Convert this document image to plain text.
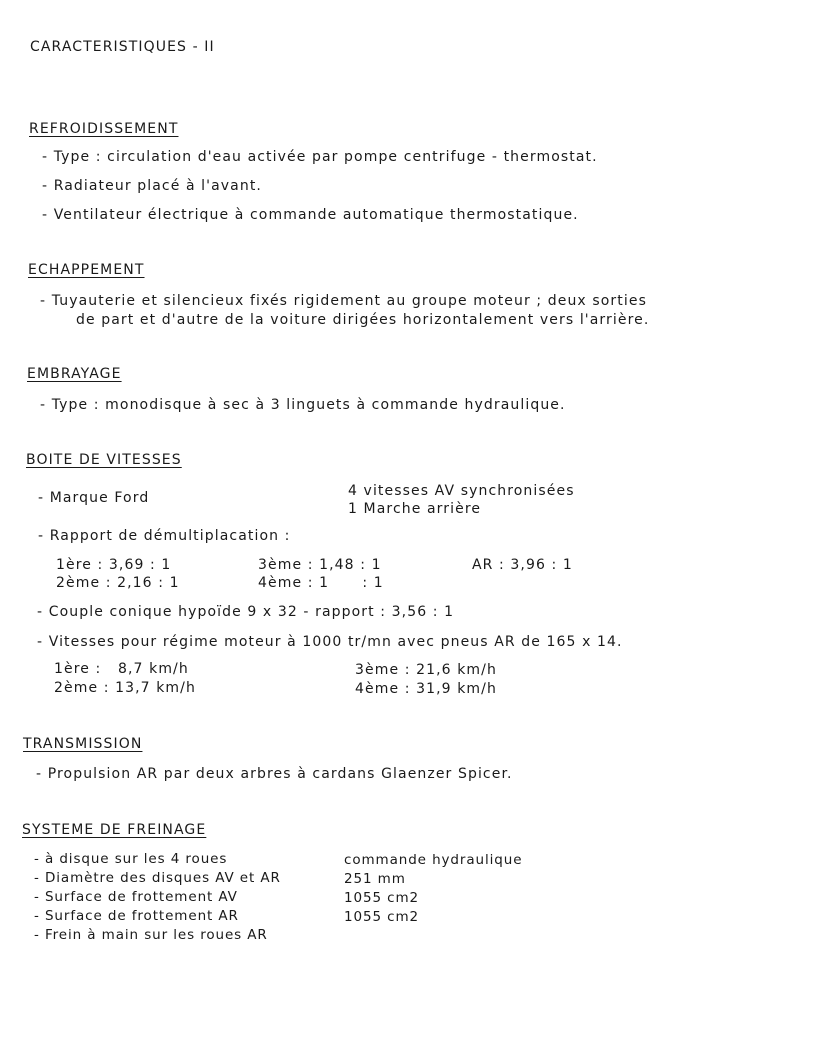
CARACTERISTIQUES - II
REFROIDISSEMENT
- Type : circulation d'eau activée par pompe centrifuge - thermostat.
- Radiateur placé à l'avant.
- Ventilateur électrique à commande automatique thermostatique.
ECHAPPEMENT
- Tuyauterie et silencieux fixés rigidement au groupe moteur ; deux sorties
de part et d'autre de la voiture dirigées horizontalement vers l'arrière.
EMBRAYAGE
- Type : monodisque à sec à 3 linguets à commande hydraulique.
BOITE DE VITESSES
- Marque Ford	4 vitesses AV synchronisées
1 Marche arrière
- Rapport de démultiplacation :
1ère : 3,69 : 1
2ème : 2,16 : 1
3ème : 1,48 : 1
4ème : 1      : 1
AR : 3,96 : 1
- Couple conique hypoïde 9 x 32 - rapport : 3,56 : 1
- Vitesses pour régime moteur à 1000 tr/mn avec pneus AR de 165 x 14.
1ère :   8,7 km/h
2ème : 13,7 km/h
3ème : 21,6 km/h
4ème : 31,9 km/h
TRANSMISSION
- Propulsion AR par deux arbres à cardans Glaenzer Spicer.
SYSTEME DE FREINAGE
- à disque sur les 4 roues
- Diamètre des disques AV et AR
- Surface de frottement AV
- Surface de frottement AR
- Frein à main sur les roues AR
commande hydraulique
251 mm
1055 cm2
1055 cm2
